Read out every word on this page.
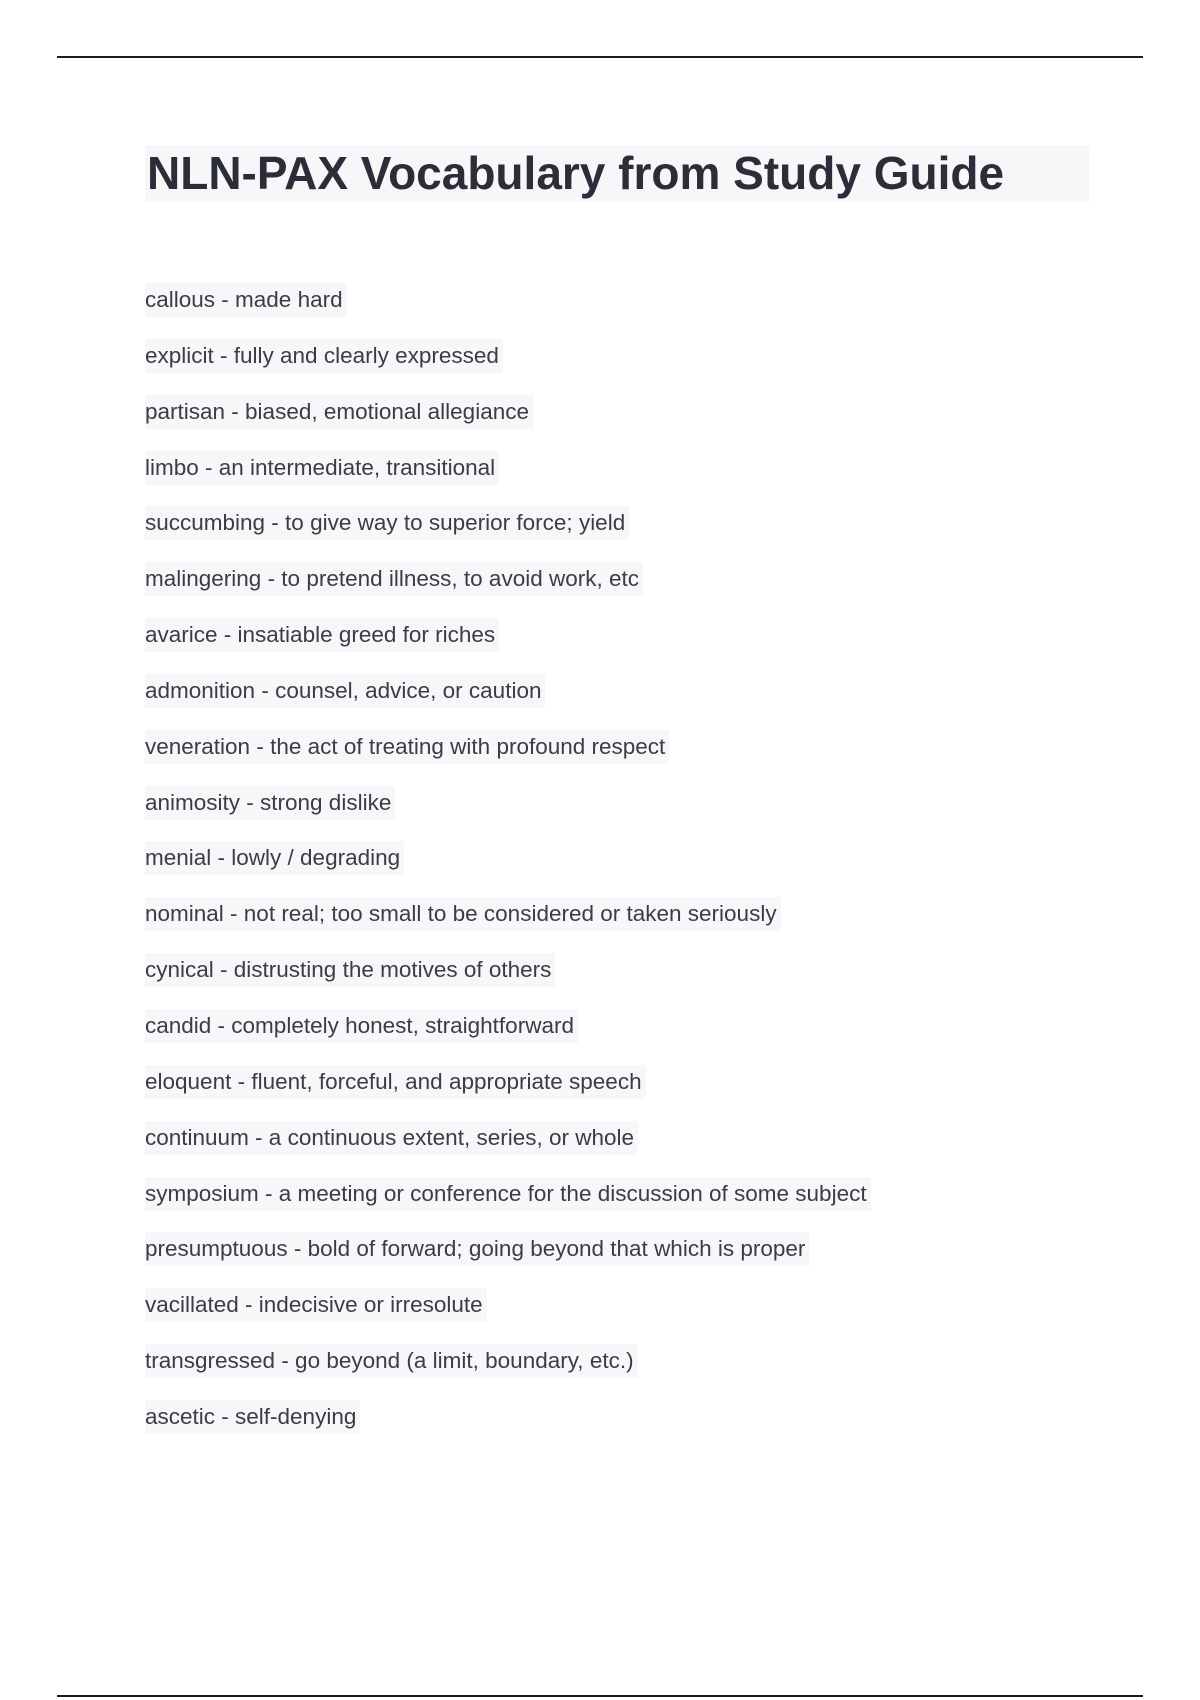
NLN-PAX Vocabulary from Study Guide
callous - made hard
explicit - fully and clearly expressed
partisan - biased, emotional allegiance
limbo - an intermediate, transitional
succumbing - to give way to superior force; yield
malingering - to pretend illness, to avoid work, etc
avarice - insatiable greed for riches
admonition - counsel, advice, or caution
veneration - the act of treating with profound respect
animosity - strong dislike
menial - lowly / degrading
nominal - not real; too small to be considered or taken seriously
cynical - distrusting the motives of others
candid - completely honest, straightforward
eloquent - fluent, forceful, and appropriate speech
continuum - a continuous extent, series, or whole
symposium - a meeting or conference for the discussion of some subject
presumptuous - bold of forward; going beyond that which is proper
vacillated - indecisive or irresolute
transgressed - go beyond (a limit, boundary, etc.)
ascetic - self-denying
